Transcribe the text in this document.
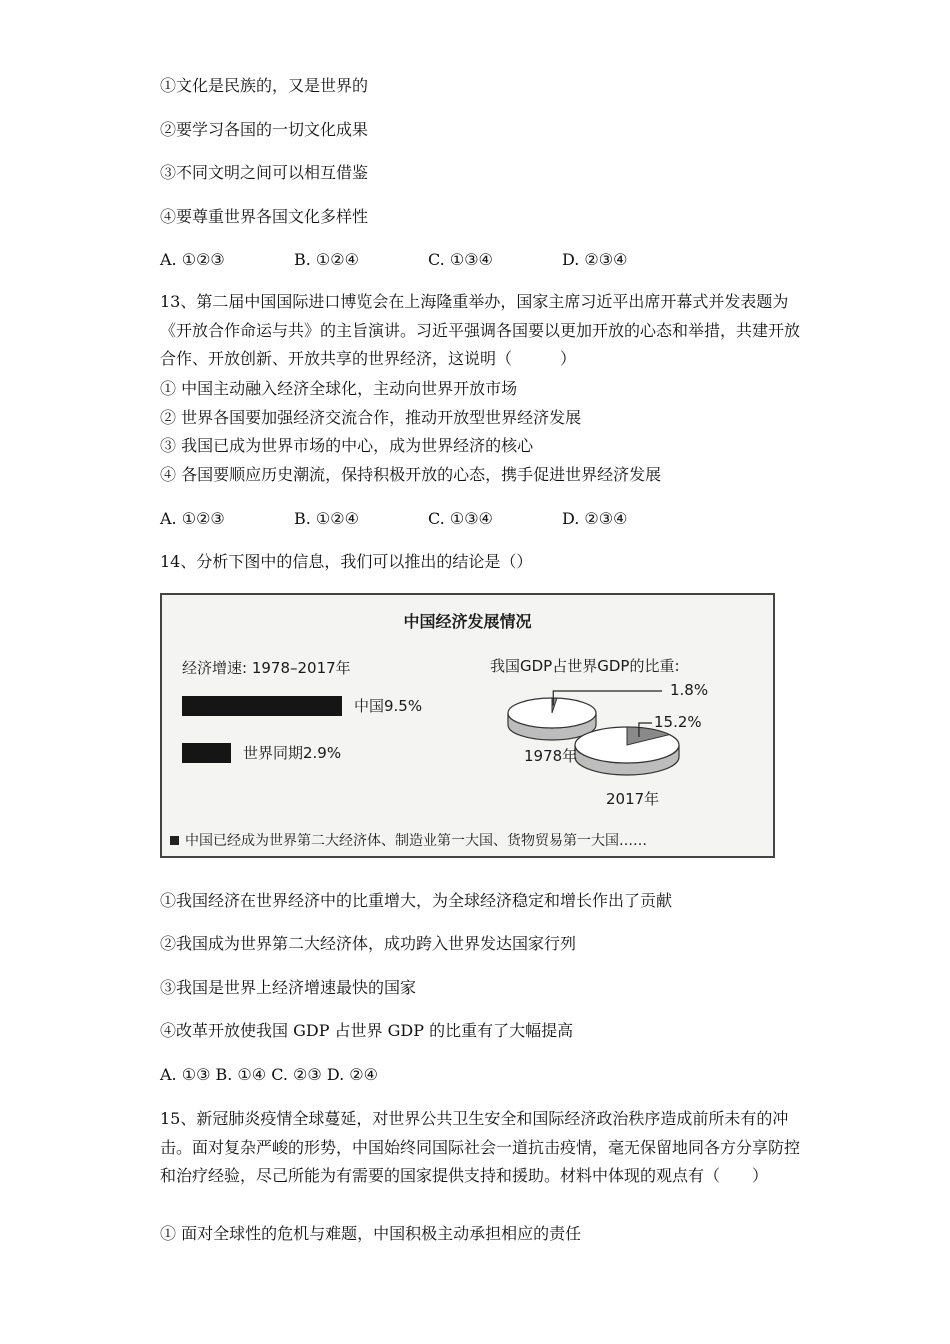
①文化是民族的，又是世界的
②要学习各国的一切文化成果
③不同文明之间可以相互借鉴
④要尊重世界各国文化多样性
A. ①②③	B. ①②④	C. ①③④	D. ②③④
13、第二届中国国际进口博览会在上海隆重举办，国家主席习近平出席开幕式并发表题为《开放合作命运与共》的主旨演讲。习近平强调各国要以更加开放的心态和举措，共建开放合作、开放创新、开放共享的世界经济，这说明（　　　）
① 中国主动融入经济全球化，主动向世界开放市场
② 世界各国要加强经济交流合作，推动开放型世界经济发展
③ 我国已成为世界市场的中心，成为世界经济的核心
④ 各国要顺应历史潮流，保持积极开放的心态，携手促进世界经济发展
A. ①②③	B. ①②④	C. ①③④	D. ②③④
14、分析下图中的信息，我们可以推出的结论是（）
中国经济发展情况
经济增速: 1978–2017年
中国9.5%
世界同期2.9%
我国GDP占世界GDP的比重:
1.8%
1978年
15.2%
2017年
中国已经成为世界第二大经济体、制造业第一大国、货物贸易第一大国……
①我国经济在世界经济中的比重增大，为全球经济稳定和增长作出了贡献
②我国成为世界第二大经济体，成功跨入世界发达国家行列
③我国是世界上经济增速最快的国家
④改革开放使我国 GDP 占世界 GDP 的比重有了大幅提高
A. ①③ B. ①④ C. ②③ D. ②④
15、新冠肺炎疫情全球蔓延，对世界公共卫生安全和国际经济政治秩序造成前所未有的冲击。面对复杂严峻的形势，中国始终同国际社会一道抗击疫情，毫无保留地同各方分享防控和治疗经验，尽己所能为有需要的国家提供支持和援助。材料中体现的观点有（　　）
① 面对全球性的危机与难题，中国积极主动承担相应的责任
